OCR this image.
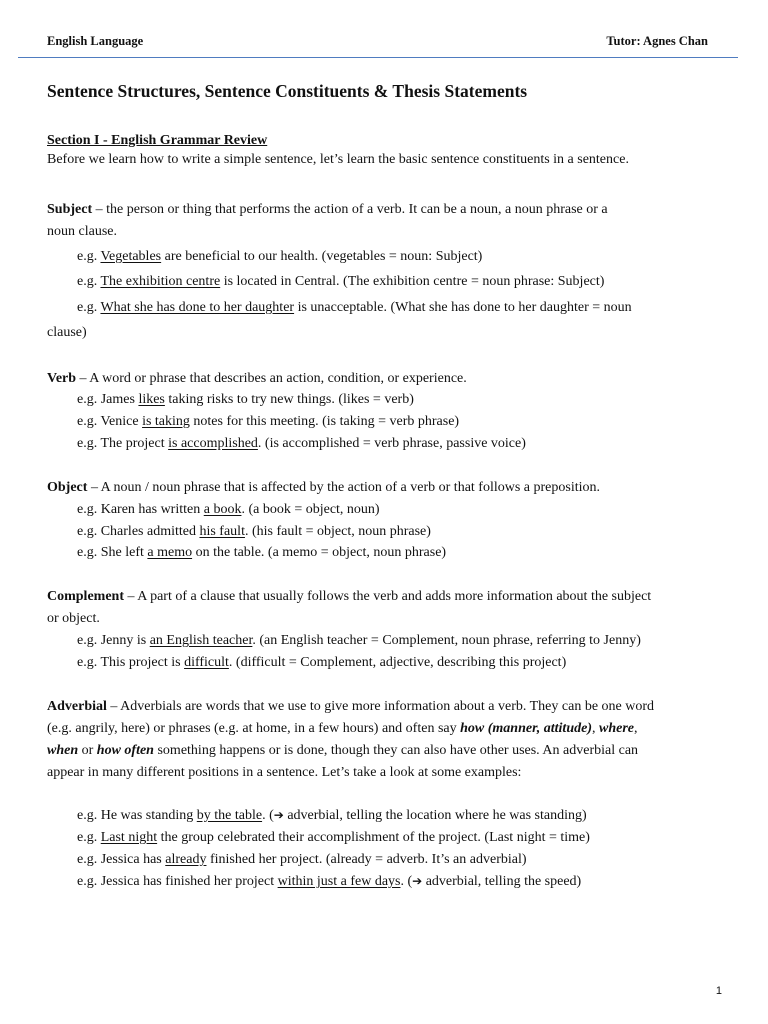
English Language	Tutor: Agnes Chan
Sentence Structures, Sentence Constituents & Thesis Statements
Section I - English Grammar Review
Before we learn how to write a simple sentence, let’s learn the basic sentence constituents in a sentence.
Subject – the person or thing that performs the action of a verb. It can be a noun, a noun phrase or a
noun clause.
e.g. Vegetables are beneficial to our health. (vegetables = noun: Subject)
e.g. The exhibition centre is located in Central. (The exhibition centre = noun phrase: Subject)
e.g. What she has done to her daughter is unacceptable. (What she has done to her daughter = noun
clause)
Verb – A word or phrase that describes an action, condition, or experience.
e.g. James likes taking risks to try new things. (likes = verb)
e.g. Venice is taking notes for this meeting. (is taking = verb phrase)
e.g. The project is accomplished. (is accomplished = verb phrase, passive voice)
Object – A noun / noun phrase that is affected by the action of a verb or that follows a preposition.
e.g. Karen has written a book. (a book = object, noun)
e.g. Charles admitted his fault. (his fault = object, noun phrase)
e.g. She left a memo on the table. (a memo = object, noun phrase)
Complement – A part of a clause that usually follows the verb and adds more information about the subject
or object.
e.g. Jenny is an English teacher. (an English teacher = Complement, noun phrase, referring to Jenny)
e.g. This project is difficult. (difficult = Complement, adjective, describing this project)
Adverbial – Adverbials are words that we use to give more information about a verb. They can be one word
(e.g. angrily, here) or phrases (e.g. at home, in a few hours) and often say how (manner, attitude), where,
when or how often something happens or is done, though they can also have other uses. An adverbial can
appear in many different positions in a sentence. Let’s take a look at some examples:
e.g. He was standing by the table. (➔ adverbial, telling the location where he was standing)
e.g. Last night the group celebrated their accomplishment of the project. (Last night = time)
e.g. Jessica has already finished her project. (already = adverb. It’s an adverbial)
e.g. Jessica has finished her project within just a few days. (➔ adverbial, telling the speed)
1
